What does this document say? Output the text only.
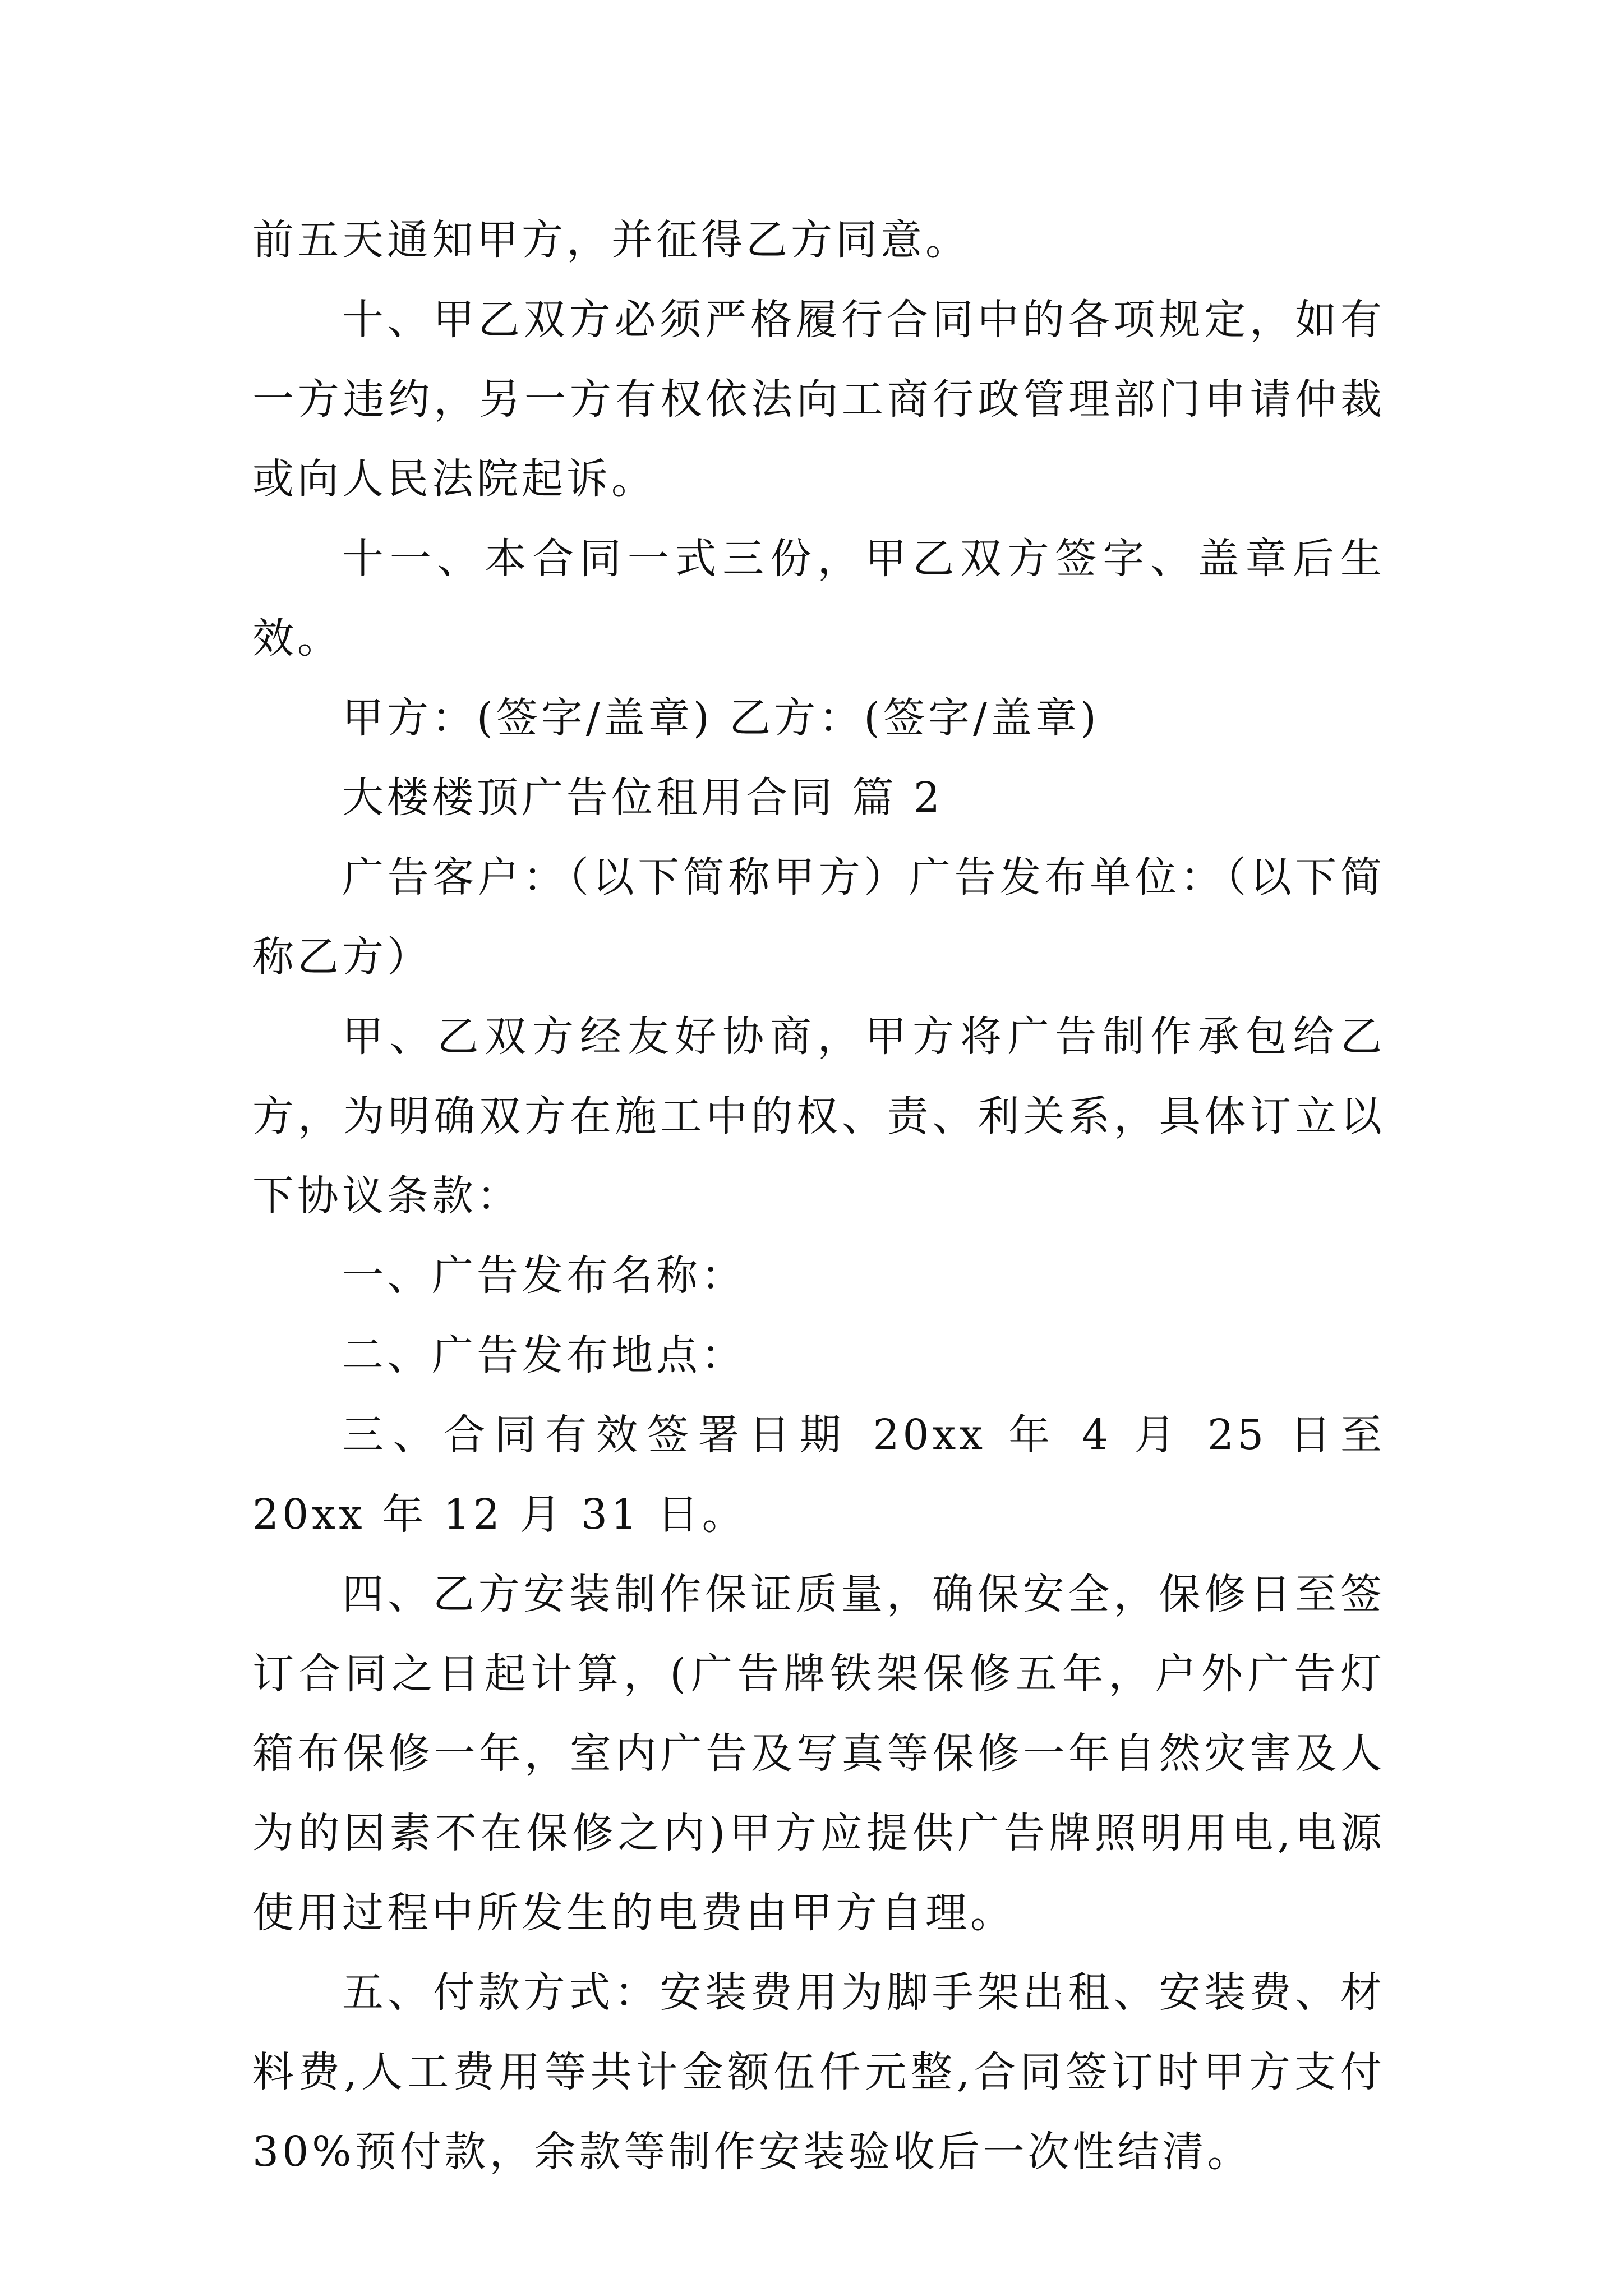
前五天通知甲方，并征得乙方同意。

十、甲乙双方必须严格履行合同中的各项规定，如有一方违约，另一方有权依法向工商行政管理部门申请仲裁或向人民法院起诉。

十一、本合同一式三份，甲乙双方签字、盖章后生效。

甲方：(签字/盖章) 乙方：(签字/盖章)

大楼楼顶广告位租用合同 篇 2

广告客户：（以下简称甲方）广告发布单位：（以下简称乙方）

甲、乙双方经友好协商，甲方将广告制作承包给乙方，为明确双方在施工中的权、责、利关系，具体订立以下协议条款：

一、广告发布名称：

二、广告发布地点：

三、合同有效签署日期 20xx 年 4 月 25 日至 20xx 年 12 月 31 日。

四、乙方安装制作保证质量，确保安全，保修日至签订合同之日起计算，(广告牌铁架保修五年，户外广告灯箱布保修一年，室内广告及写真等保修一年自然灾害及人为的因素不在保修之内)甲方应提供广告牌照明用电,电源使用过程中所发生的电费由甲方自理。

五、付款方式：安装费用为脚手架出租、安装费、材料费,人工费用等共计金额伍仟元整,合同签订时甲方支付 30%预付款，余款等制作安装验收后一次性结清。
